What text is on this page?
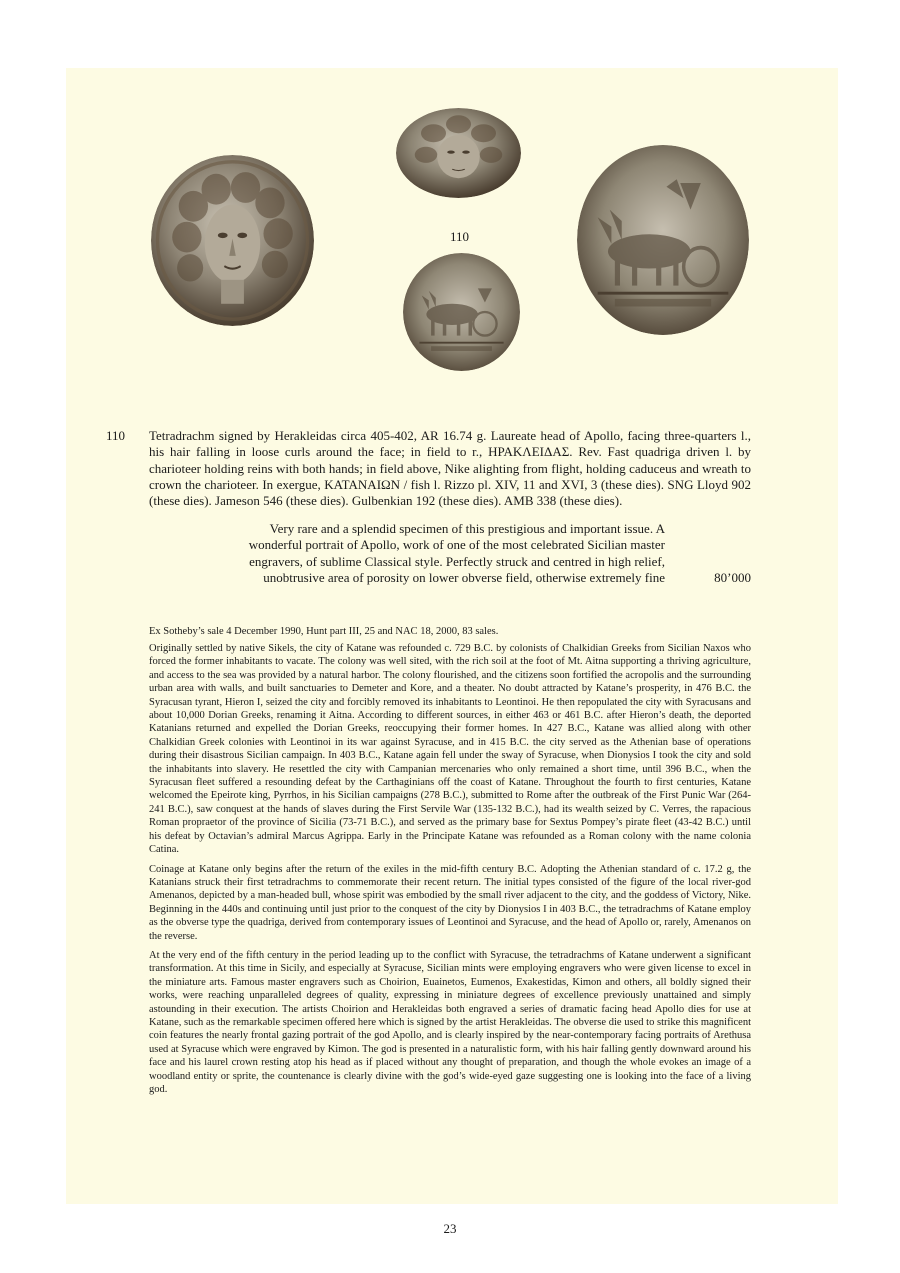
110
110 Tetradrachm signed by Herakleidas circa 405-402, AR 16.74 g. Laureate head of Apollo, facing three-quarters l., his hair falling in loose curls around the face; in field to r., ΗΡΑΚΛΕΙΔΑΣ. Rev. Fast quadriga driven l. by charioteer holding reins with both hands; in field above, Nike alighting from flight, holding caduceus and wreath to crown the charioteer. In exergue, ΚΑΤΑΝΑΙΩΝ / fish l. Rizzo pl. XIV, 11 and XVI, 3 (these dies). SNG Lloyd 902 (these dies). Jameson 546 (these dies). Gulbenkian 192 (these dies). AMB 338 (these dies).
Very rare and a splendid specimen of this prestigious and important issue. A wonderful portrait of Apollo, work of one of the most celebrated Sicilian master engravers, of sublime Classical style. Perfectly struck and centred in high relief, unobtrusive area of porosity on lower obverse field, otherwise extremely fine	80’000
Ex Sotheby’s sale 4 December 1990, Hunt part III, 25 and NAC 18, 2000, 83 sales.

Originally settled by native Sikels, the city of Katane was refounded c. 729 B.C. by colonists of Chalkidian Greeks from Sicilian Naxos who forced the former inhabitants to vacate. The colony was well sited, with the rich soil at the foot of Mt. Aitna supporting a thriving agriculture, and access to the sea was provided by a natural harbor. The colony flourished, and the citizens soon fortified the acropolis and the surrounding urban area with walls, and built sanctuaries to Demeter and Kore, and a theater. No doubt attracted by Katane’s prosperity, in 476 B.C. the Syracusan tyrant, Hieron I, seized the city and forcibly removed its inhabitants to Leontinoi. He then repopulated the city with Syracusans and about 10,000 Dorian Greeks, renaming it Aitna. According to different sources, in either 463 or 461 B.C. after Hieron’s death, the deported Katanians returned and expelled the Dorian Greeks, reoccupying their former homes. In 427 B.C., Katane was allied along with other Chalkidian Greek colonies with Leontinoi in its war against Syracuse, and in 415 B.C. the city served as the Athenian base of operations during their disastrous Sicilian campaign. In 403 B.C., Katane again fell under the sway of Syracuse, when Dionysios I took the city and sold the inhabitants into slavery. He resettled the city with Campanian mercenaries who only remained a short time, until 396 B.C., when the Syracusan fleet suffered a resounding defeat by the Carthaginians off the coast of Katane. Throughout the fourth to first centuries, Katane welcomed the Epeirote king, Pyrrhos, in his Sicilian campaigns (278 B.C.), submitted to Rome after the outbreak of the First Punic War (264-241 B.C.), saw conquest at the hands of slaves during the First Servile War (135-132 B.C.), had its wealth seized by C. Verres, the rapacious Roman propraetor of the province of Sicilia (73-71 B.C.), and served as the primary base for Sextus Pompey’s pirate fleet (43-42 B.C.) until his defeat by Octavian’s admiral Marcus Agrippa. Early in the Principate Katane was refounded as a Roman colony with the name colonia Catina.

Coinage at Katane only begins after the return of the exiles in the mid-fifth century B.C. Adopting the Athenian standard of c. 17.2 g, the Katanians struck their first tetradrachms to commemorate their recent return. The initial types consisted of the figure of the local river-god Amenanos, depicted by a man-headed bull, whose spirit was embodied by the small river adjacent to the city, and the goddess of Victory, Nike. Beginning in the 440s and continuing until just prior to the conquest of the city by Dionysios I in 403 B.C., the tetradrachms of Katane employ as the obverse type the quadriga, derived from contemporary issues of Leontinoi and Syracuse, and the head of Apollo or, rarely, Amenanos on the reverse.

At the very end of the fifth century in the period leading up to the conflict with Syracuse, the tetradrachms of Katane underwent a significant transformation. At this time in Sicily, and especially at Syracuse, Sicilian mints were employing engravers who were given license to excel in the miniature arts. Famous master engravers such as Choirion, Euainetos, Eumenos, Exakestidas, Kimon and others, all boldly signed their works, were reaching unparalleled degrees of quality, expressing in miniature degrees of excellence previously unattained and simply astounding in their execution. The artists Choirion and Herakleidas both engraved a series of dramatic facing head Apollo dies for use at Katane, such as the remarkable specimen offered here which is signed by the artist Herakleidas. The obverse die used to strike this magnificent coin features the nearly frontal gazing portrait of the god Apollo, and is clearly inspired by the near-contemporary facing portraits of Arethusa used at Syracuse which were engraved by Kimon. The god is presented in a naturalistic form, with his hair falling gently downward around his face and his laurel crown resting atop his head as if placed without any thought of preparation, and though the whole evokes an image of a woodland entity or sprite, the countenance is clearly divine with the god’s wide-eyed gaze suggesting one is looking into the face of a living god.

23
